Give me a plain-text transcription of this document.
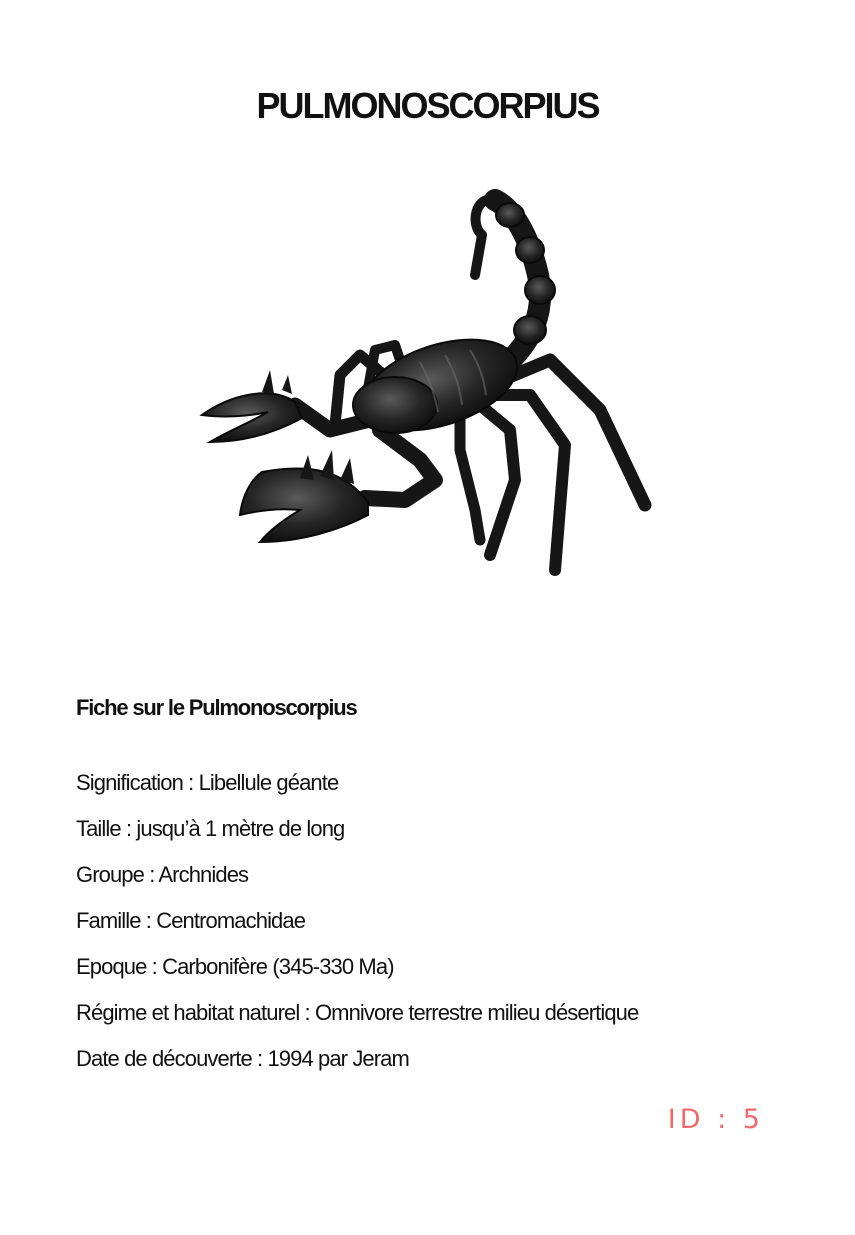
PULMONOSCORPIUS
Fiche sur le Pulmonoscorpius
Signification : Libellule géante
Taille : jusqu’à 1 mètre de long
Groupe : Archnides
Famille : Centromachidae
Epoque : Carbonifère (345-330 Ma)
Régime et habitat naturel : Omnivore terrestre milieu désertique
Date de découverte : 1994 par Jeram
ID : 5
